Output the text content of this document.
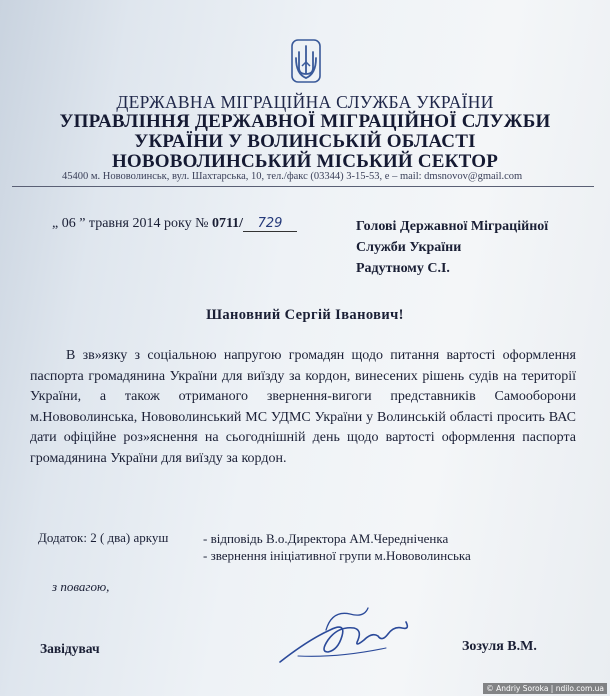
ДЕРЖАВНА МІГРАЦІЙНА СЛУЖБА УКРАЇНИ
УПРАВЛІННЯ ДЕРЖАВНОЇ МІГРАЦІЙНОЇ СЛУЖБИ
УКРАЇНИ У ВОЛИНСЬКІЙ ОБЛАСТІ
НОВОВОЛИНСЬКИЙ МІСЬКИЙ СЕКТОР
45400 м. Нововолинськ, вул. Шахтарська, 10, тел./факс (03344) 3-15-53, e – mail: dmsnovov@gmail.com
„ 06 ” травня 2014 року № 0711/ 729	Голові Державної Міграційної
Служби України
Радутному С.І.
Шановний Сергій Іванович!

В зв»язку з соціальною напругою громадян щодо питання вартості оформлення паспорта громадянина України для виїзду за кордон, винесених рішень судів на території України, а також отриманого звернення-вигоги представників Самооборони м.Нововолинська, Нововолинський МС УДМС України у Волинській області просить ВАС дати офіційне роз»яснення на сьогоднішній день щодо вартості оформлення паспорта громадянина України для виїзду за кордон.

Додаток: 2 ( два) аркуш	- відповідь В.о.Директора АМ.Чередніченка
- звернення ініціативної групи м.Нововолинська
з повагою,
Завідувач	Зозуля В.М.
© Andriy Soroka | ndilo.com.ua
